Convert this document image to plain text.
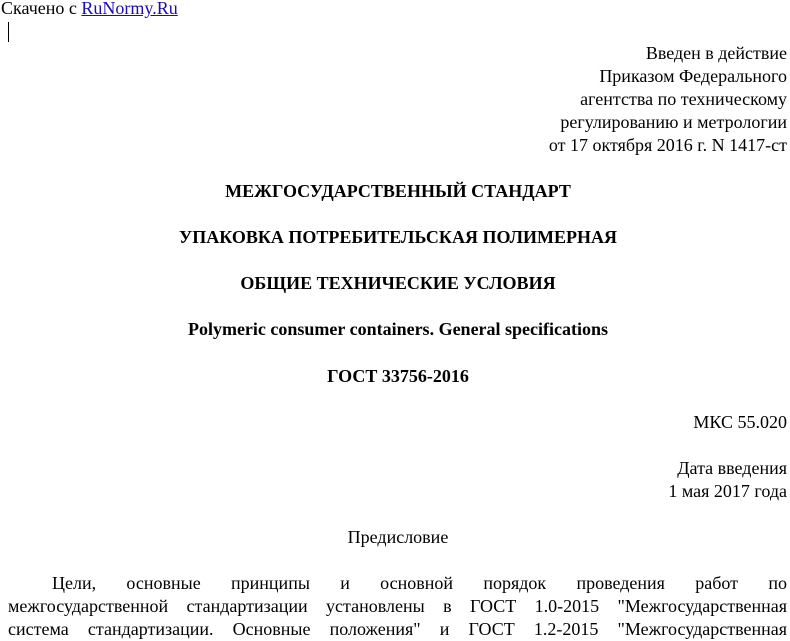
Скачено с RuNormy.Ru
Введен в действие
Приказом Федерального
агентства по техническому
регулированию и метрологии
от 17 октября 2016 г. N 1417-ст
МЕЖГОСУДАРСТВЕННЫЙ СТАНДАРТ
УПАКОВКА ПОТРЕБИТЕЛЬСКАЯ ПОЛИМЕРНАЯ
ОБЩИЕ ТЕХНИЧЕСКИЕ УСЛОВИЯ
Polymeric consumer containers. General specifications
ГОСТ 33756-2016
МКС 55.020
Дата введения
1 мая 2017 года
Предисловие
Цели, основные принципы и основной порядок проведения работ по
межгосударственной стандартизации установлены в ГОСТ 1.0-2015 "Межгосударственная
система стандартизации. Основные положения" и ГОСТ 1.2-2015 "Межгосударственная
